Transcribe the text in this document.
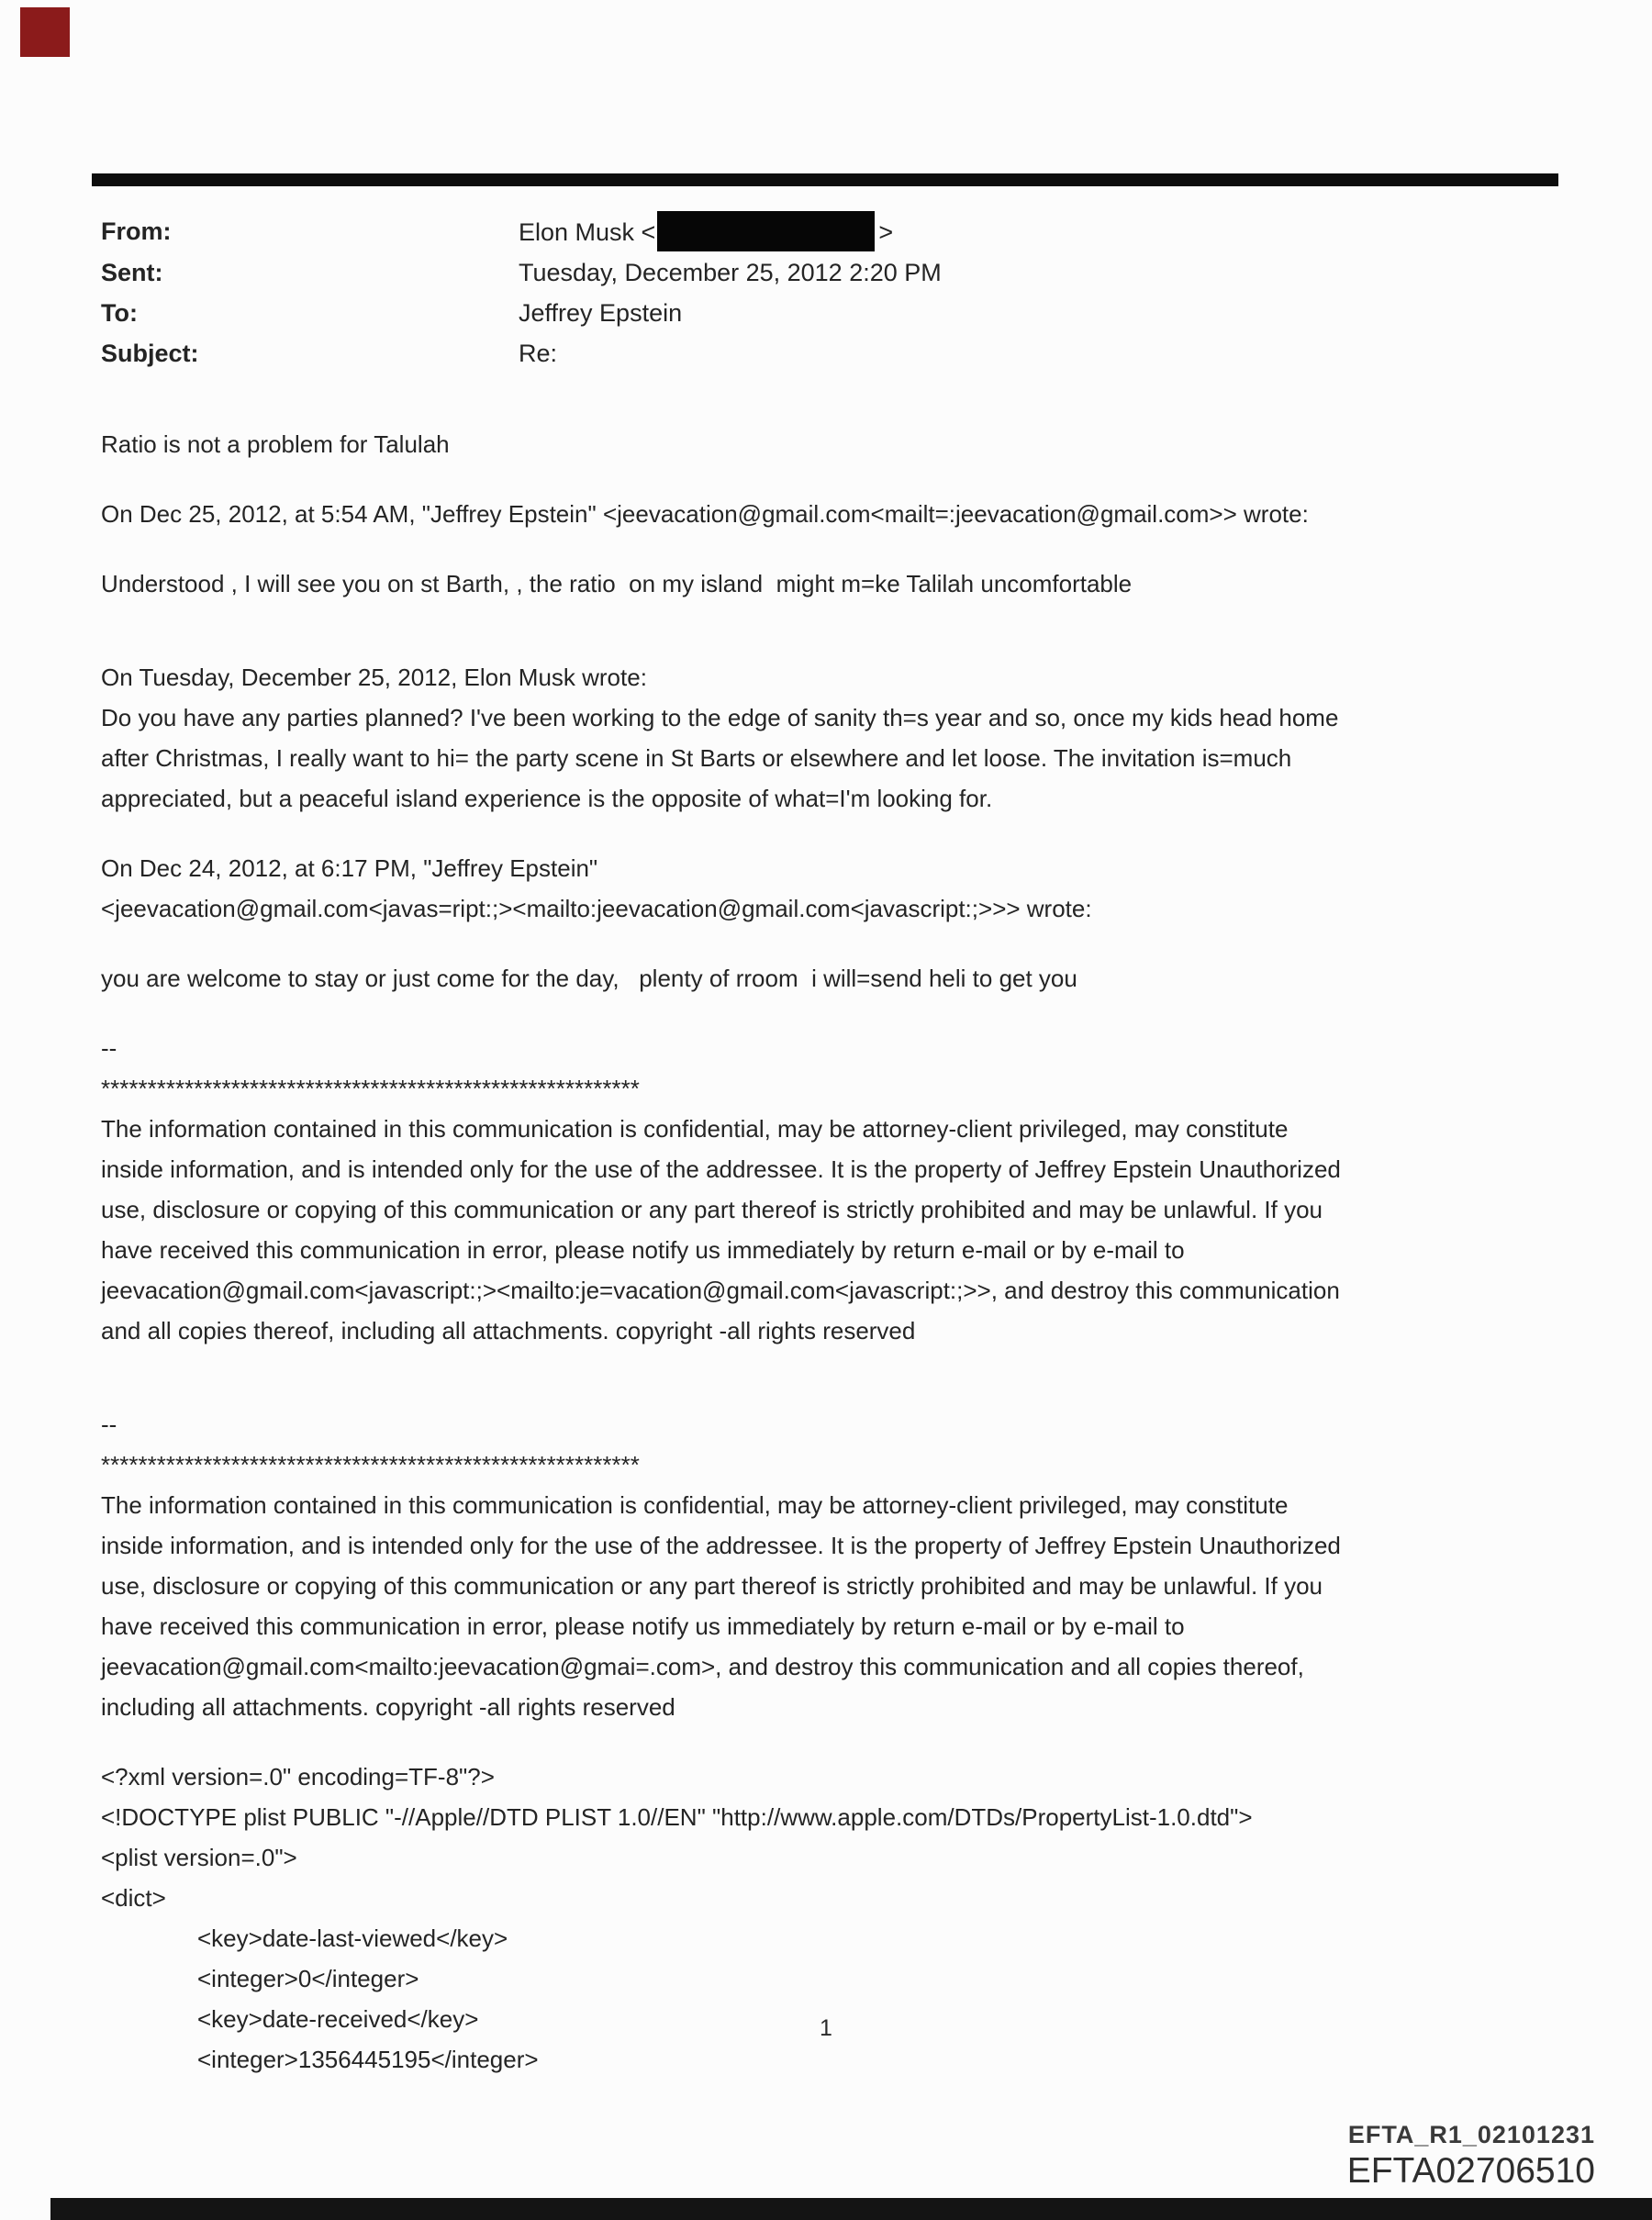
From:	Elon Musk <	>
Sent:	Tuesday, December 25, 2012 2:20 PM
To:	Jeffrey Epstein
Subject:	Re:
Ratio is not a problem for Talulah
On Dec 25, 2012, at 5:54 AM, "Jeffrey Epstein" <jeevacation@gmail.com<mailt=:jeevacation@gmail.com>> wrote:
Understood , I will see you on st Barth, , the ratio  on my island  might m=ke Talilah uncomfortable
On Tuesday, December 25, 2012, Elon Musk wrote:
Do you have any parties planned? I've been working to the edge of sanity th=s year and so, once my kids head home
after Christmas, I really want to hi= the party scene in St Barts or elsewhere and let loose. The invitation is=much
appreciated, but a peaceful island experience is the opposite of what=I'm looking for.
On Dec 24, 2012, at 6:17 PM, "Jeffrey Epstein"
<jeevacation@gmail.com<javas=ript:;><mailto:jeevacation@gmail.com<javascript:;>>> wrote:
you are welcome to stay or just come for the day,   plenty of rroom  i will=send heli to get you
--
**********************************************************
The information contained in this communication is confidential, may be attorney-client privileged, may constitute
inside information, and is intended only for the use of the addressee. It is the property of Jeffrey Epstein Unauthorized
use, disclosure or copying of this communication or any part thereof is strictly prohibited and may be unlawful. If you
have received this communication in error, please notify us immediately by return e-mail or by e-mail to
jeevacation@gmail.com<javascript:;><mailto:je=vacation@gmail.com<javascript:;>>, and destroy this communication
and all copies thereof, including all attachments. copyright -all rights reserved
--
**********************************************************
The information contained in this communication is confidential, may be attorney-client privileged, may constitute
inside information, and is intended only for the use of the addressee. It is the property of Jeffrey Epstein Unauthorized
use, disclosure or copying of this communication or any part thereof is strictly prohibited and may be unlawful. If you
have received this communication in error, please notify us immediately by return e-mail or by e-mail to
jeevacation@gmail.com<mailto:jeevacation@gmai=.com>, and destroy this communication and all copies thereof,
including all attachments. copyright -all rights reserved
<?xml version=.0" encoding=TF-8"?>
<!DOCTYPE plist PUBLIC "-//Apple//DTD PLIST 1.0//EN" "http://www.apple.com/DTDs/PropertyList-1.0.dtd">
<plist version=.0">
<dict>
<key>date-last-viewed</key>
<integer>0</integer>
<key>date-received</key>
<integer>1356445195</integer>
1
EFTA_R1_02101231
EFTA02706510
